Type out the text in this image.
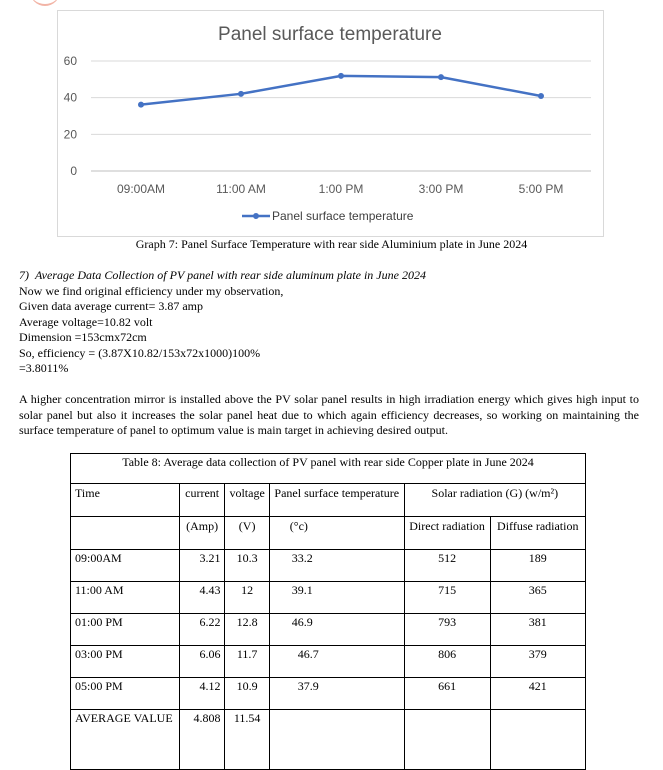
Panel surface temperature
0
20
40
60
09:00AM	11:00 AM	1:00 PM	3:00 PM	5:00 PM
Panel surface temperature
Graph 7: Panel Surface Temperature with rear side Aluminium plate in June 2024
7) Average Data Collection of PV panel with rear side aluminum plate in June 2024
Now we find original efficiency under my observation,
Given data average current= 3.87 amp
Average voltage=10.82 volt
Dimension =153cmx72cm
So, efficiency = (3.87X10.82/153x72x1000)100%
=3.8011%
A higher concentration mirror is installed above the PV solar panel results in high irradiation energy which gives high input to solar panel but also it increases the solar panel heat due to which again efficiency decreases, so working on maintaining the surface temperature of panel to optimum value is main target in achieving desired output.
Table 8: Average data collection of PV panel with rear side Copper plate in June 2024					
Time	current	voltage	Panel surface temperature	Solar radiation (G) (w/m²)	
	(Amp)	(V)	(°c)	Direct radiation	Diffuse radiation
09:00AM	3.21	10.3	33.2	512	189
11:00 AM	4.43	12	39.1	715	365
01:00 PM	6.22	12.8	46.9	793	381
03:00 PM	6.06	11.7	46.7	806	379
05:00 PM	4.12	10.9	37.9	661	421
AVERAGE VALUE	4.808	11.54			
